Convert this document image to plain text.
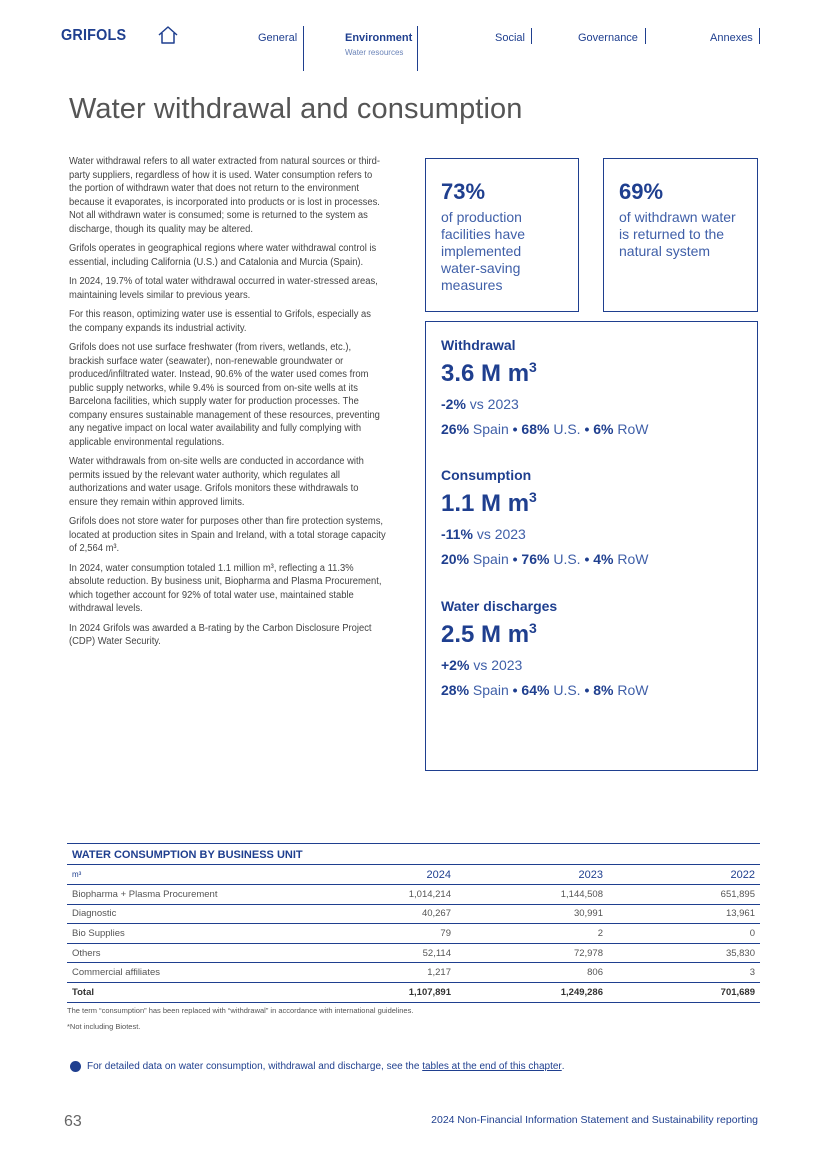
GRIFOLS	General	Environment
Water resources
Social	Governance	Annexes
Water withdrawal and consumption

Water withdrawal refers to all water extracted from natural sources or third-party suppliers, regardless of how it is used. Water consumption refers to the portion of withdrawn water that does not return to the environment because it evaporates, is incorporated into products or is lost in processes. Not all withdrawn water is consumed; some is returned to the system as discharge, though its quality may be altered.

Grifols operates in geographical regions where water withdrawal control is essential, including California (U.S.) and Catalonia and Murcia (Spain).

In 2024, 19.7% of total water withdrawal occurred in water-stressed areas, maintaining levels similar to previous years.

For this reason, optimizing water use is essential to Grifols, especially as the company expands its industrial activity.

Grifols does not use surface freshwater (from rivers, wetlands, etc.), brackish surface water (seawater), non-renewable groundwater or produced/infiltrated water. Instead, 90.6% of the water used comes from public supply networks, while 9.4% is sourced from on-site wells at its Barcelona facilities, which supply water for production processes. The company ensures sustainable management of these resources, preventing any negative impact on local water availability and fully complying with applicable environmental regulations.

Water withdrawals from on-site wells are conducted in accordance with permits issued by the relevant water authority, which regulates all authorizations and water usage. Grifols monitors these withdrawals to ensure they remain within approved limits.

Grifols does not store water for purposes other than fire protection systems, located at production sites in Spain and Ireland, with a total storage capacity of 2,564 m³.

In 2024, water consumption totaled 1.1 million m³, reflecting a 11.3% absolute reduction. By business unit, Biopharma and Plasma Procurement, which together account for 92% of total water use, maintained stable withdrawal levels.

In 2024 Grifols was awarded a B-rating by the Carbon Disclosure Project (CDP) Water Security.

73%
of production facilities have implemented water-saving measures
69%
of withdrawn water is returned to the natural system
Withdrawal
3.6 M $m^3$
-2% vs 2023
26% Spain • 68% U.S. • 6% RoW
Consumption
1.1 M $m^3$
-11% vs 2023
20% Spain • 76% U.S. • 4% RoW
Water discharges
2.5 M $m^3$
+2% vs 2023
28% Spain • 64% U.S. • 8% RoW
WATER CONSUMPTION BY BUSINESS UNIT
m³	2024	2023	2022
Biopharma + Plasma Procurement	1,014,214	1,144,508	651,895
Diagnostic	40,267	30,991	13,961
Bio Supplies	79	2	0
Others	52,114	72,978	35,830
Commercial affiliates	1,217	806	3
Total	1,107,891	1,249,286	701,689
The term “consumption” has been replaced with “withdrawal” in accordance with international guidelines.
*Not including Biotest.
For detailed data on water consumption, withdrawal and discharge, see the
tables at the end of this chapter .
63	2024 Non-Financial Information Statement and Sustainability reporting
